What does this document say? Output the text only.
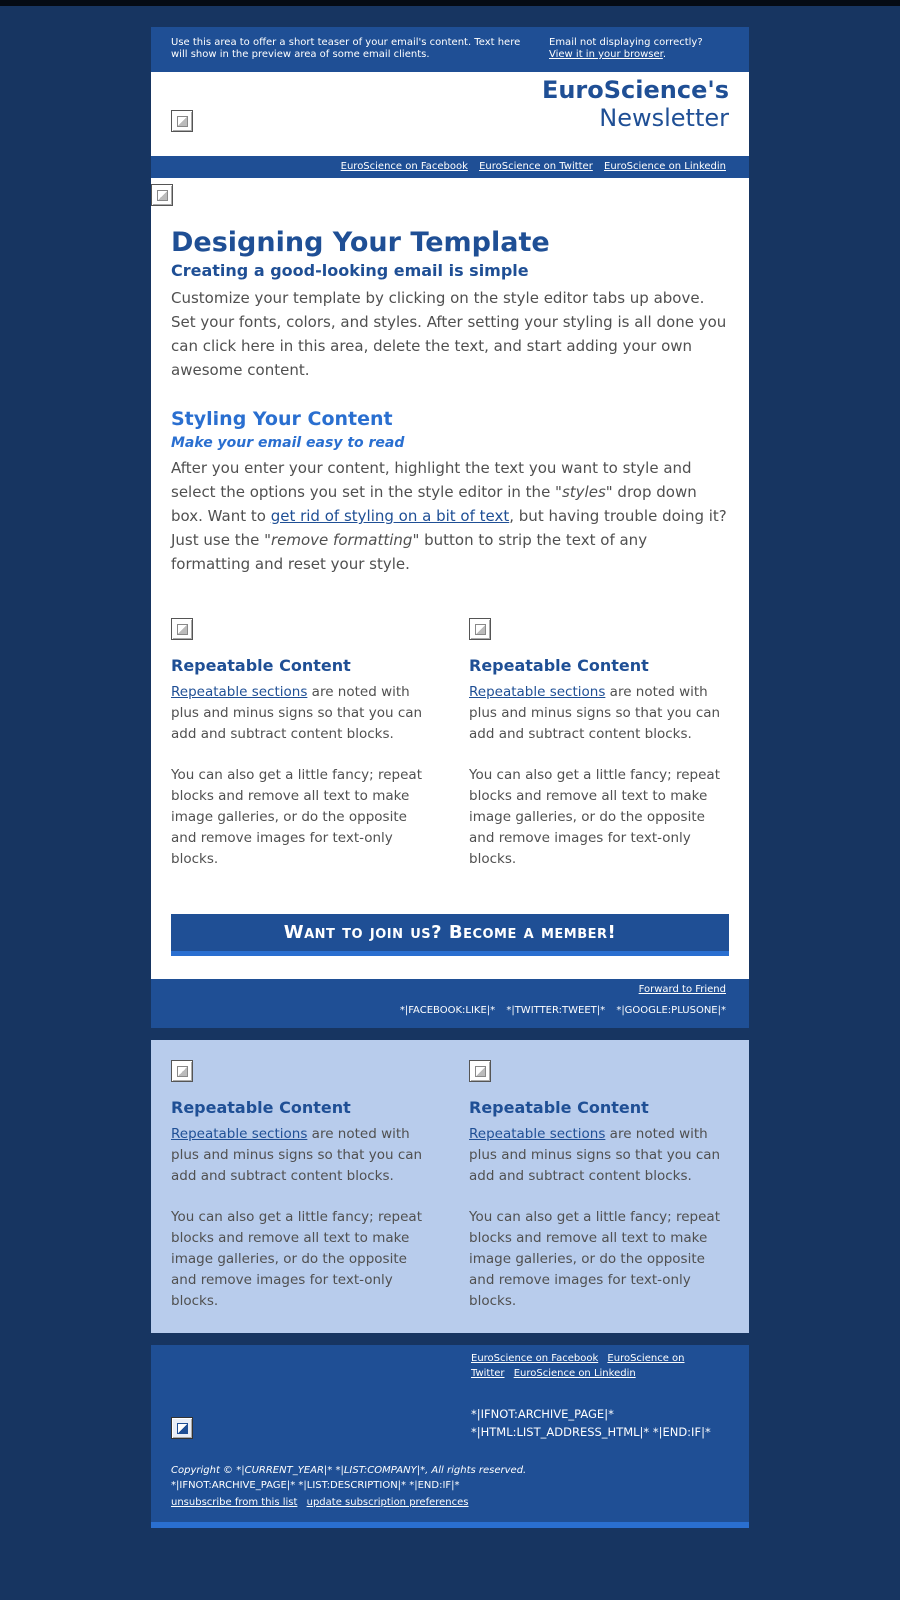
Use this area to offer a short teaser of your email's content. Text here will show in the preview area of some email clients.
Email not displaying correctly?
View it in your browser.
EuroScience's
Newsletter
EuroScience on Facebook EuroScience on Twitter EuroScience on Linkedin
Designing Your Template
Creating a good-looking email is simple

Customize your template by clicking on the style editor tabs up above. Set your fonts, colors, and styles. After setting your styling is all done you can click here in this area, delete the text, and start adding your own awesome content.

Styling Your Content
Make your email easy to read

After you enter your content, highlight the text you want to style and select the options you set in the style editor in the "styles" drop down box. Want to get rid of styling on a bit of text, but having trouble doing it? Just use the "remove formatting" button to strip the text of any formatting and reset your style.

Repeatable Content

Repeatable sections are noted with plus and minus signs so that you can add and subtract content blocks.

You can also get a little fancy; repeat blocks and remove all text to make image galleries, or do the opposite and remove images for text-only blocks.

Repeatable Content

Repeatable sections are noted with plus and minus signs so that you can add and subtract content blocks.

You can also get a little fancy; repeat blocks and remove all text to make image galleries, or do the opposite and remove images for text-only blocks.

Want to join us? Become a member!
Forward to Friend
*|FACEBOOK:LIKE|* *|TWITTER:TWEET|* *|GOOGLE:PLUSONE|*
Repeatable Content

Repeatable sections are noted with plus and minus signs so that you can add and subtract content blocks.

You can also get a little fancy; repeat blocks and remove all text to make image galleries, or do the opposite and remove images for text-only blocks.

Repeatable Content

Repeatable sections are noted with plus and minus signs so that you can add and subtract content blocks.

You can also get a little fancy; repeat blocks and remove all text to make image galleries, or do the opposite and remove images for text-only blocks.

EuroScience on Facebook EuroScience on Twitter EuroScience on Linkedin
*|IFNOT:ARCHIVE_PAGE|*
*|HTML:LIST_ADDRESS_HTML|* *|END:IF|*
Copyright © *|CURRENT_YEAR|* *|LIST:COMPANY|*, All rights reserved.
*|IFNOT:ARCHIVE_PAGE|* *|LIST:DESCRIPTION|* *|END:IF|*
unsubscribe from this list update subscription preferences
